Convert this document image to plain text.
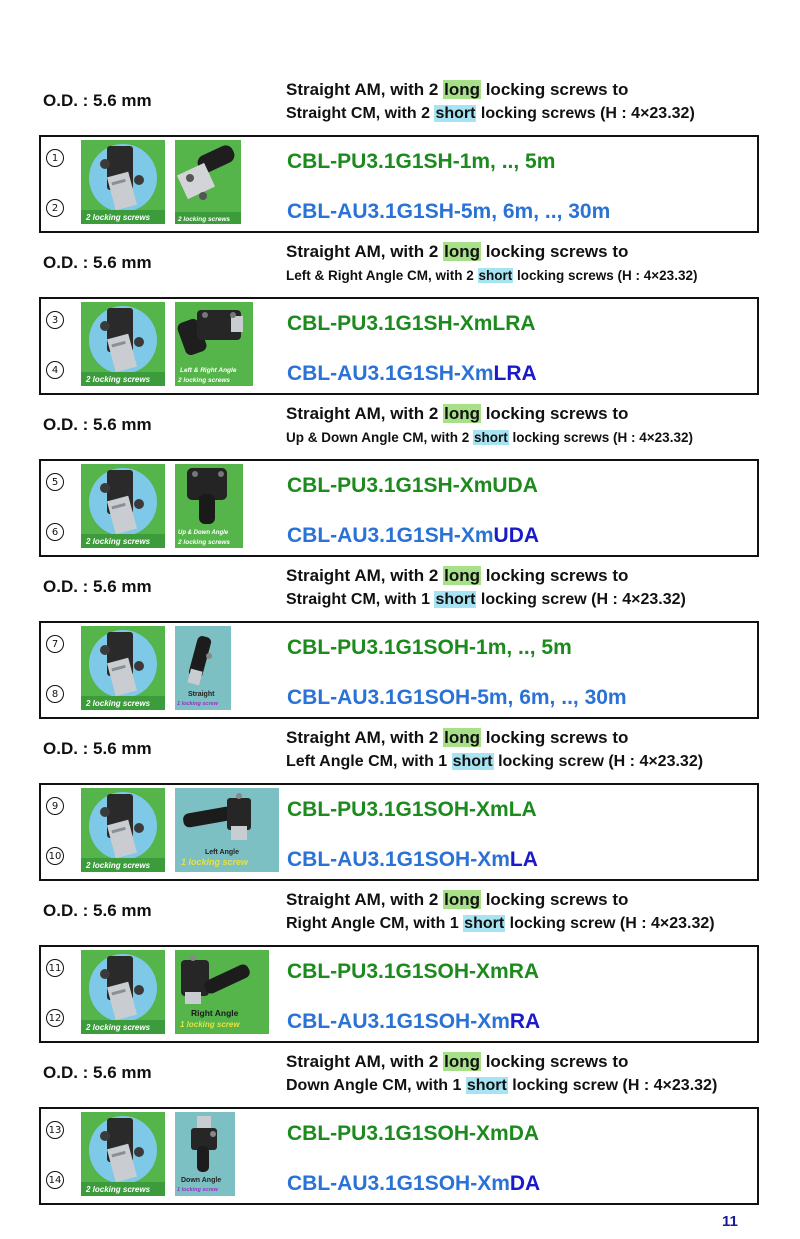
O.D. : 5.6 mm
Straight AM, with 2 long locking screws to
Straight CM, with 2 short locking screws (H : 4×23.32)
1
2
2 locking screws	2 locking screws
CBL-PU3.1G1SH-1m, .., 5m
CBL-AU3.1G1SH-5m, 6m, .., 30m
O.D. : 5.6 mm
Straight AM, with 2 long locking screws to
Left & Right Angle CM, with 2 short locking screws (H : 4×23.32)
3
4
2 locking screws
Left & Right Angle
2 locking screws
CBL-PU3.1G1SH-XmLRA
CBL-AU3.1G1SH-XmLRA
O.D. : 5.6 mm
Straight AM, with 2 long locking screws to
Up & Down Angle CM, with 2 short locking screws (H : 4×23.32)
5
6
2 locking screws
Up & Down Angle
2 locking screws
CBL-PU3.1G1SH-XmUDA
CBL-AU3.1G1SH-XmUDA
O.D. : 5.6 mm
Straight AM, with 2 long locking screws to
Straight CM, with 1 short locking screw (H : 4×23.32)
7
8
2 locking screws
Straight
1 locking screw
CBL-PU3.1G1SOH-1m, .., 5m
CBL-AU3.1G1SOH-5m, 6m, .., 30m
O.D. : 5.6 mm
Straight AM, with 2 long locking screws to
Left Angle CM, with 1 short locking screw (H : 4×23.32)
9
10
2 locking screws
Left Angle
1 locking screw
CBL-PU3.1G1SOH-XmLA
CBL-AU3.1G1SOH-XmLA
O.D. : 5.6 mm
Straight AM, with 2 long locking screws to
Right Angle CM, with 1 short locking screw (H : 4×23.32)
11
12
2 locking screws
Right Angle
1 locking screw
CBL-PU3.1G1SOH-XmRA
CBL-AU3.1G1SOH-XmRA
O.D. : 5.6 mm
Straight AM, with 2 long locking screws to
Down Angle CM, with 1 short locking screw (H : 4×23.32)
13
14
2 locking screws
Down Angle
1 locking screw
CBL-PU3.1G1SOH-XmDA
CBL-AU3.1G1SOH-XmDA
11
